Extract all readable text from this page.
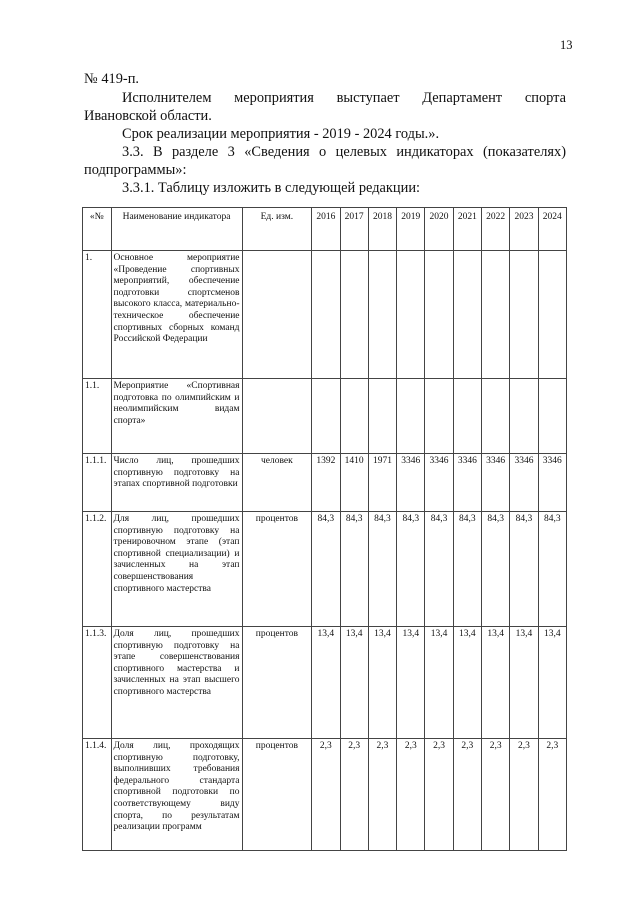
13
№ 419-п.
Исполнителем мероприятия выступает Департамент спорта
Ивановской области.
Срок реализации мероприятия - 2019 - 2024 годы.».
3.3. В разделе 3 «Сведения о целевых индикаторах (показателях)
подпрограммы»:
3.3.1. Таблицу изложить в следующей редакции:
«№	Наименование индикатора	Ед. изм.	2016	2017	2018	2019	2020	2021	2022	2023	2024
1.	Основное мероприятие «Проведение спортивных мероприятий, обеспечение подготовки спортсменов высокого класса, материально-техническое обеспечение спортивных сборных команд Российской Федерации										
1.1.	Мероприятие «Спортивная подготовка по олимпийским и неолимпийским видам спорта»										
1.1.1.	Число лиц, прошедших спортивную подготовку на этапах спортивной подготовки	человек	1392	1410	1971	3346	3346	3346	3346	3346	3346
1.1.2.	Для лиц, прошедших спортивную подготовку на тренировочном этапе (этап спортивной специализации) и зачисленных на этап совершенствования спортивного мастерства	процентов	84,3	84,3	84,3	84,3	84,3	84,3	84,3	84,3	84,3
1.1.3.	Доля лиц, прошедших спортивную подготовку на этапе совершенствования спортивного мастерства и зачисленных на этап высшего спортивного мастерства	процентов	13,4	13,4	13,4	13,4	13,4	13,4	13,4	13,4	13,4
1.1.4.	Доля лиц, проходящих спортивную подготовку, выполнивших требования федерального стандарта спортивной подготовки по соответствующему виду спорта, по результатам реализации программ	процентов	2,3	2,3	2,3	2,3	2,3	2,3	2,3	2,3	2,3
